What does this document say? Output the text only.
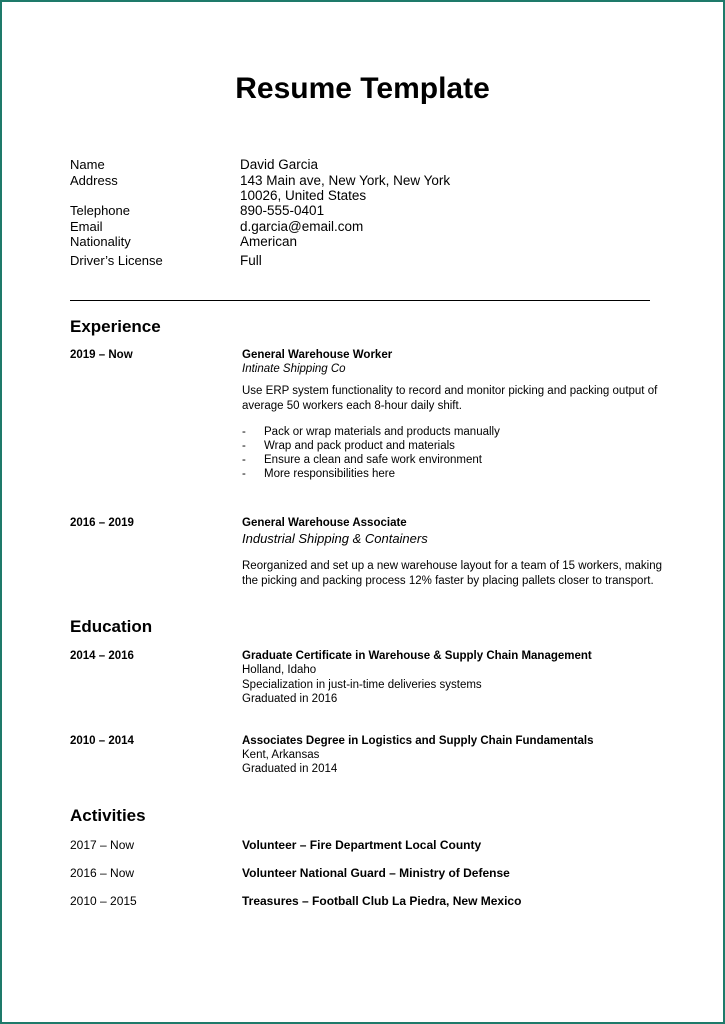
Resume Template
Name	David Garcia
Address	143 Main ave, New York, New York
10026, United States
Telephone	890-555-0401
Email	d.garcia@email.com
Nationality	American
Driver’s License	Full
Experience
2019 – Now	General Warehouse Worker
Intinate Shipping Co
Use ERP system functionality to record and monitor picking and packing output of average 50 workers each 8-hour daily shift.
- Pack or wrap materials and products manually
- Wrap and pack product and materials
- Ensure a clean and safe work environment
- More responsibilities here
2016 – 2019	General Warehouse Associate
Industrial Shipping & Containers
Reorganized and set up a new warehouse layout for a team of 15 workers, making the picking and packing process 12% faster by placing pallets closer to transport.
Education
2014 – 2016	Graduate Certificate in Warehouse & Supply Chain Management
Holland, Idaho
Specialization in just-in-time deliveries systems
Graduated in 2016
2010 – 2014	Associates Degree in Logistics and Supply Chain Fundamentals
Kent, Arkansas
Graduated in 2014
Activities
2017 – Now	Volunteer – Fire Department Local County
2016 – Now	Volunteer National Guard – Ministry of Defense
2010 – 2015	Treasures – Football Club La Piedra, New Mexico
